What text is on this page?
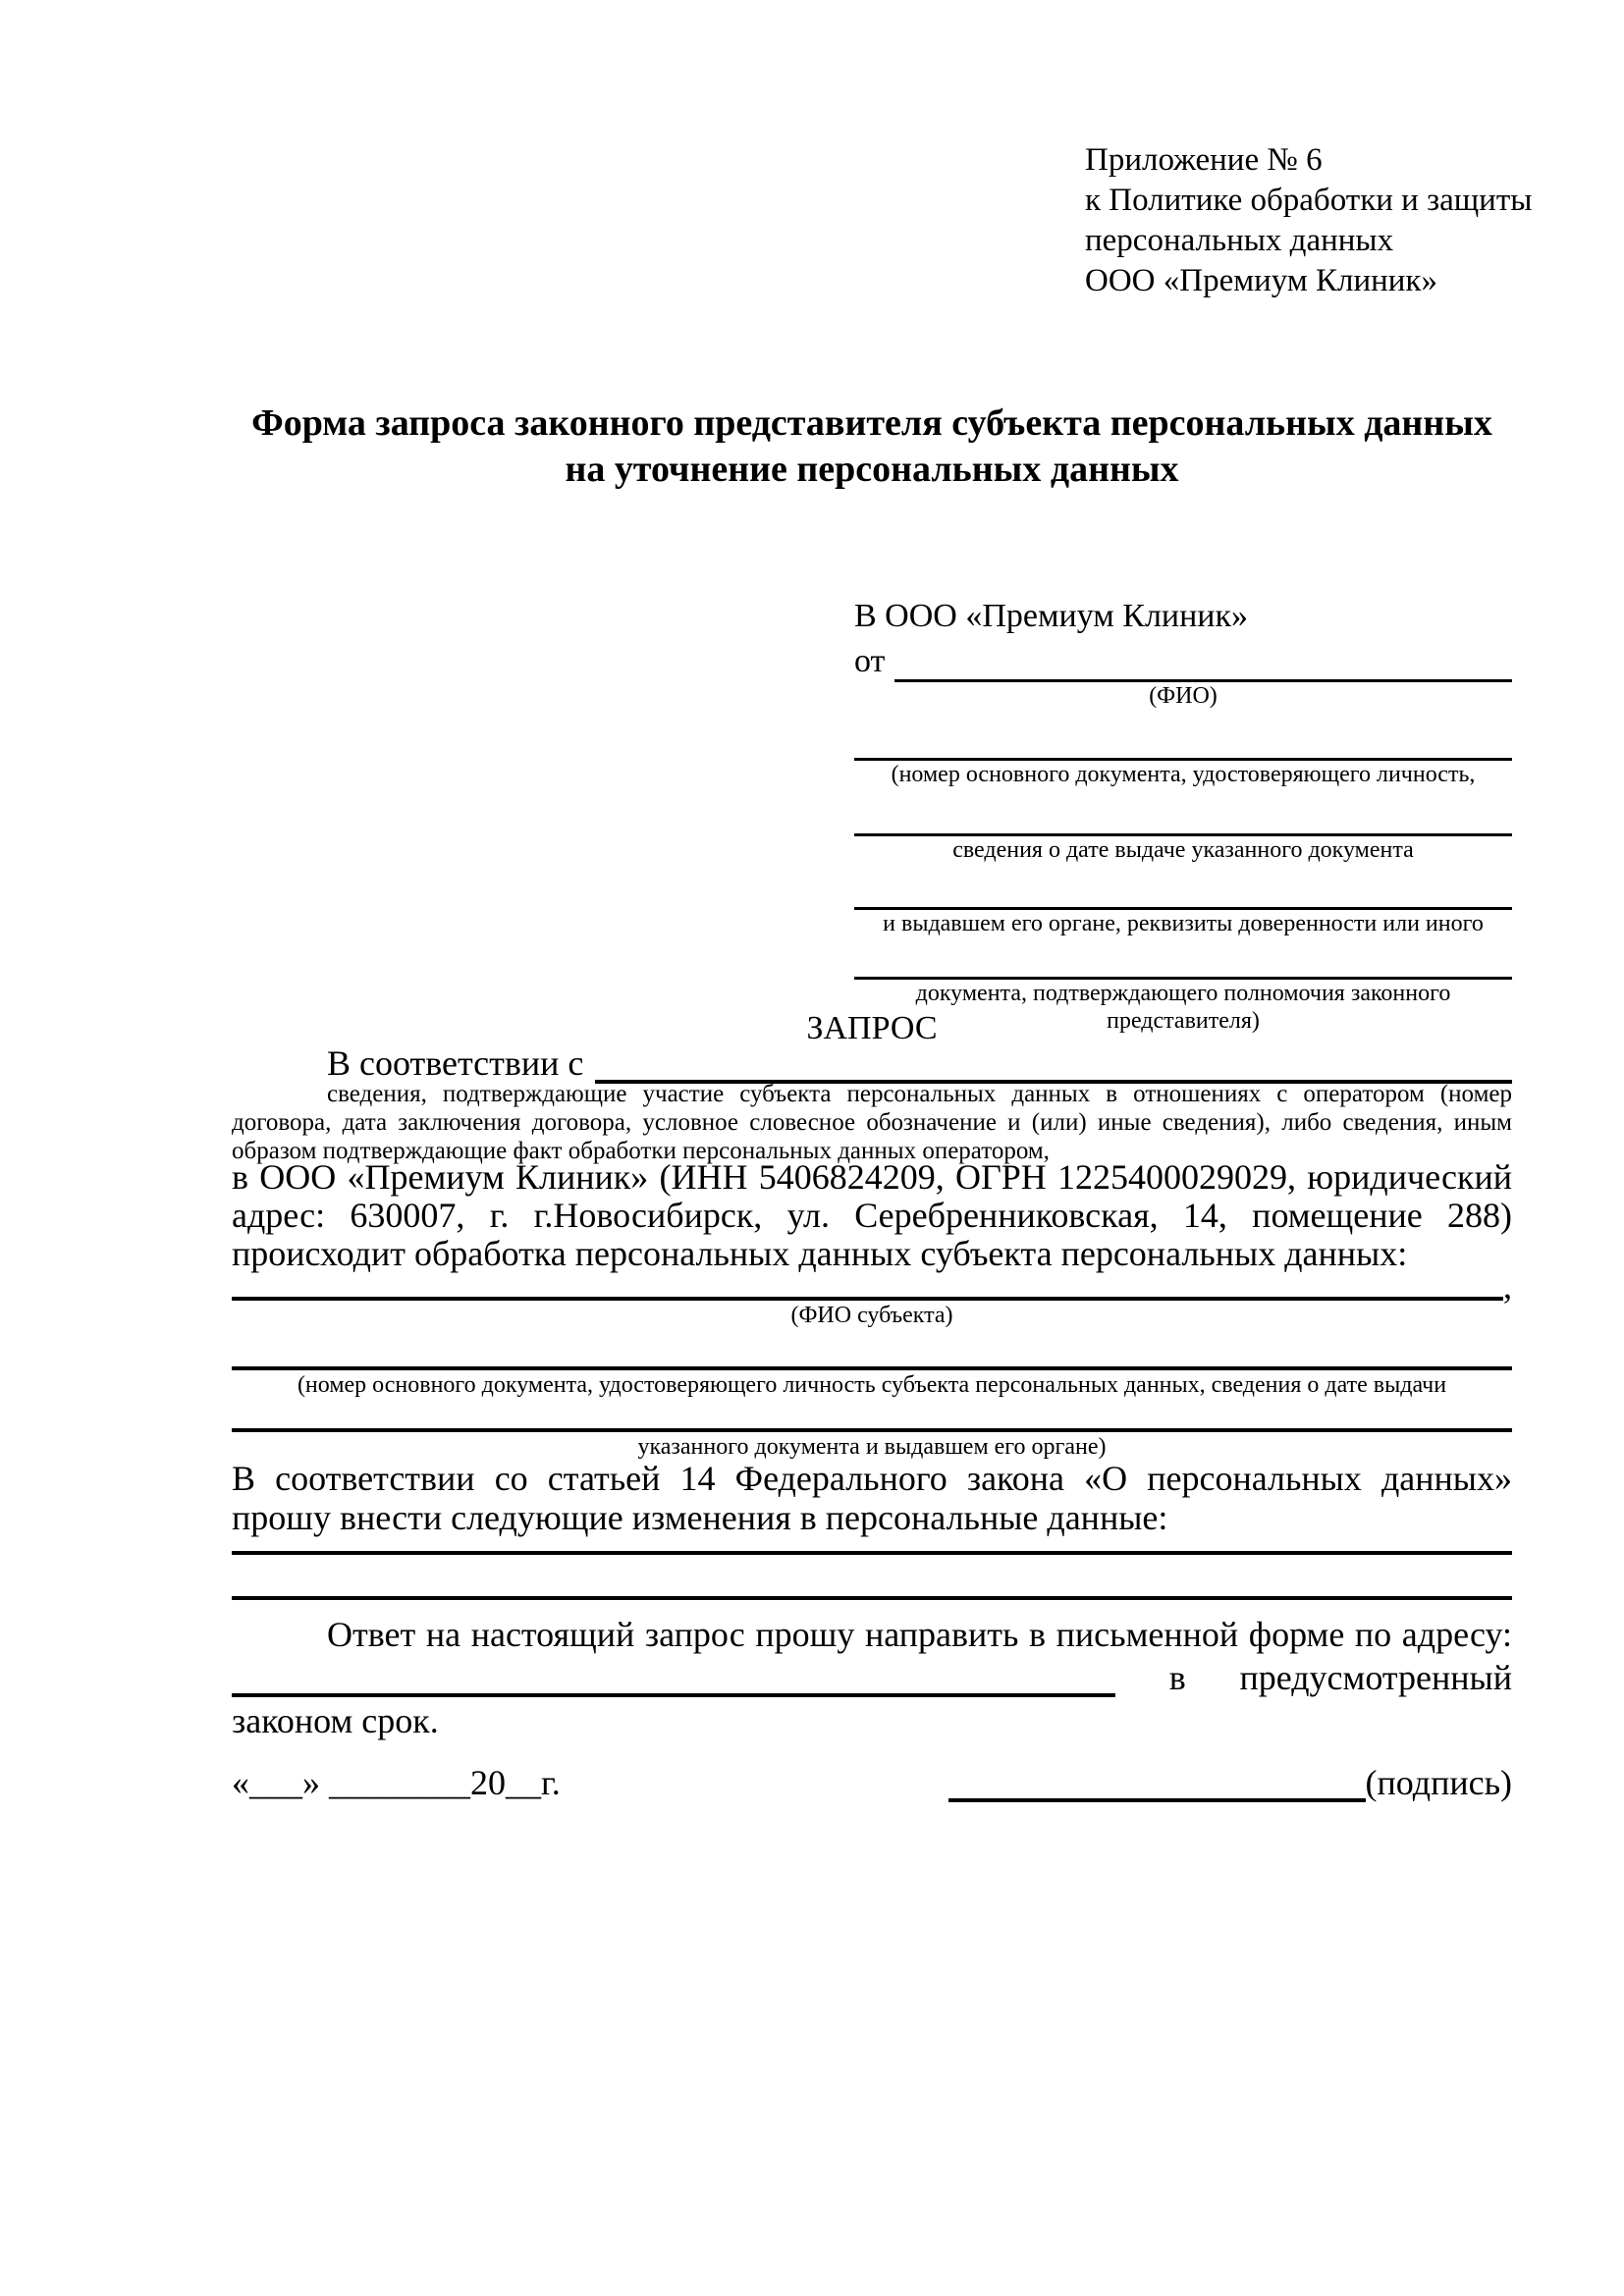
Приложение № 6
к Политике обработки и защиты
персональных данных
ООО «Премиум Клиник»
Форма запроса законного представителя субъекта персональных данных на уточнение персональных данных
В ООО «Премиум Клиник»
от
(ФИО)
(номер основного документа, удостоверяющего личность,
сведения о дате выдаче указанного документа
и выдавшем его органе, реквизиты доверенности или иного
документа, подтверждающего полномочия законного представителя)
ЗАПРОС
В соответствии с
сведения, подтверждающие участие субъекта персональных данных в отношениях с оператором (номер договора, дата заключения договора, условное словесное обозначение и (или) иные сведения), либо сведения, иным образом подтверждающие факт обработки персональных данных оператором,
в ООО «Премиум Клиник» (ИНН 5406824209, ОГРН 1225400029029, юридический адрес: 630007, г. г.Новосибирск, ул. Серебренниковская, 14, помещение 288) происходит обработка персональных данных субъекта персональных данных:
,
(ФИО субъекта)
(номер основного документа, удостоверяющего личность субъекта персональных данных, сведения о дате выдачи
указанного документа и выдавшем его органе)
В соответствии со статьей 14 Федерального закона «О персональных данных» прошу внести следующие изменения в персональные данные:
Ответ на настоящий запрос прошу направить в письменной форме по адресу:
в предусмотренный
законом срок.
«___» ________20__г.	(подпись)
